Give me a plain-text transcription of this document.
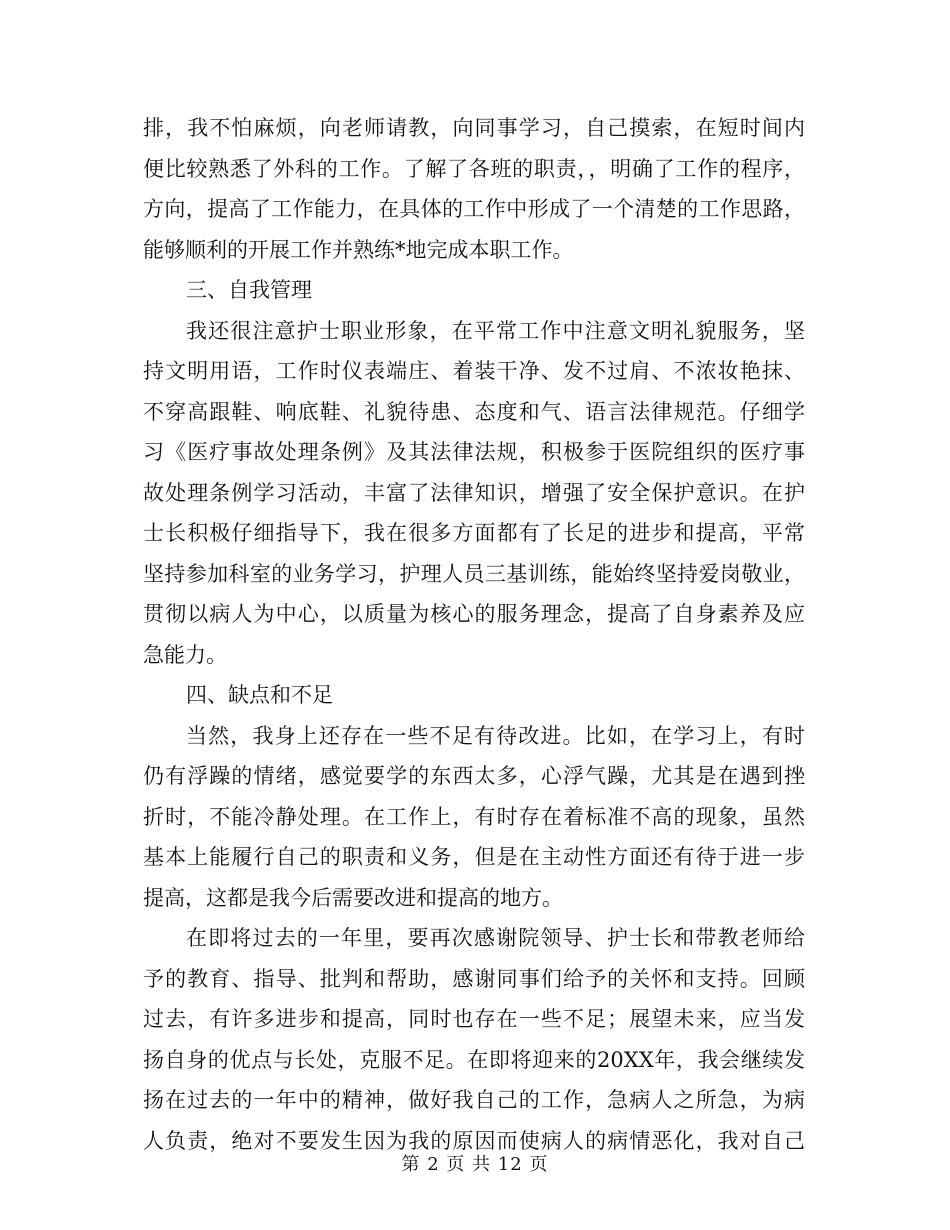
排，我不怕麻烦，向老师请教，向同事学习，自己摸索，在短时间内
便比较熟悉了外科的工作。了解了各班的职责，，明确了工作的程序，
方向，提高了工作能力，在具体的工作中形成了一个清楚的工作思路，
能够顺利的开展工作并熟练*地完成本职工作。
三、自我管理
我还很注意护士职业形象，在平常工作中注意文明礼貌服务，坚
持文明用语，工作时仪表端庄、着装干净、发不过肩、不浓妆艳抹、
不穿高跟鞋、响底鞋、礼貌待患、态度和气、语言法律规范。仔细学
习《医疗事故处理条例》及其法律法规，积极参于医院组织的医疗事
故处理条例学习活动，丰富了法律知识，增强了安全保护意识。在护
士长积极仔细指导下，我在很多方面都有了长足的进步和提高，平常
坚持参加科室的业务学习，护理人员三基训练，能始终坚持爱岗敬业，
贯彻以病人为中心，以质量为核心的服务理念，提高了自身素养及应
急能力。
四、缺点和不足
当然，我身上还存在一些不足有待改进。比如，在学习上，有时
仍有浮躁的情绪，感觉要学的东西太多，心浮气躁，尤其是在遇到挫
折时，不能冷静处理。在工作上，有时存在着标准不高的现象，虽然
基本上能履行自己的职责和义务，但是在主动性方面还有待于进一步
提高，这都是我今后需要改进和提高的地方。
在即将过去的一年里，要再次感谢院领导、护士长和带教老师给
予的教育、指导、批判和帮助，感谢同事们给予的关怀和支持。回顾
过去，有许多进步和提高，同时也存在一些不足；展望未来，应当发
扬自身的优点与长处，克服不足。在即将迎来的20XX年，我会继续发
扬在过去的一年中的精神，做好我自己的工作，急病人之所急，为病
人负责，绝对不要发生因为我的原因而使病人的病情恶化，我对自己
第 2 页 共 12 页
